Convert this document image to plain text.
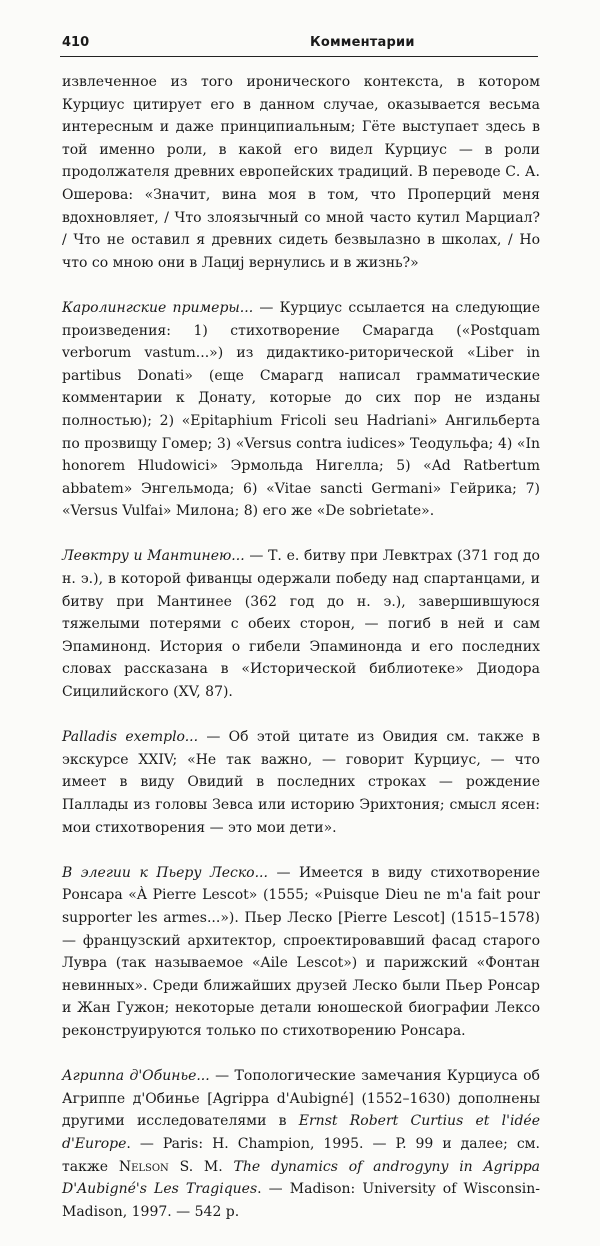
410	Комментарии

извлеченное из того иронического контекста, в котором Курциус цитирует его в данном случае, оказывается весьма интересным и даже принципиальным; Гёте выступает здесь в той именно роли, в какой его видел Курциус — в роли продолжателя древних европейских традиций. В переводе С. А. Ошерова: «Значит, вина моя в том, что Проперций меня вдохновляет, / Что злоязычный со мной часто кутил Марциал? / Что не оставил я древних сидеть безвылазно в школах, / Но что со мною они в Лациj вернулись и в жизнь?»

Каролингские примеры... — Курциус ссылается на следующие произведения: 1) стихотворение Смарагда («Postquam verborum vastum...») из дидактико-риторической «Liber in partibus Donati» (еще Смарагд написал грамматические комментарии к Донату, которые до сих пор не изданы полностью); 2) «Epitaphium Fricoli seu Hadriani» Ангильберта по прозвищу Гомер; 3) «Versus contra iudices» Теодульфа; 4) «In honorem Hludowici» Эрмольда Нигелла; 5) «Ad Ratbertum abbatem» Энгельмода; 6) «Vitae sancti Germani» Гейрика; 7) «Versus Vulfai» Милона; 8) его же «De sobrietate».

Левктру и Мантинею... — Т. е. битву при Левктрах (371 год до н. э.), в которой фиванцы одержали победу над спартанцами, и битву при Мантинее (362 год до н. э.), завершившуюся тяжелыми потерями с обеих сторон, — погиб в ней и сам Эпаминонд. История о гибели Эпаминонда и его последних словах рассказана в «Исторической библиотеке» Диодора Сицилийского (XV, 87).

Palladis exemplo... — Об этой цитате из Овидия см. также в экскурсе XXIV; «Не так важно, — говорит Курциус, — что имеет в виду Овидий в последних строках — рождение Паллады из головы Зевса или историю Эрихтония; смысл ясен: мои стихотворения — это мои дети».

В элегии к Пьеру Леско... — Имеется в виду стихотворение Ронсара «À Pierre Lescot» (1555; «Puisque Dieu ne m'a fait pour supporter les armes...»). Пьер Леско [Pierre Lescot] (1515–1578) — французский архитектор, спроектировавший фасад старого Лувра (так называемое «Aile Lescot») и парижский «Фонтан невинных». Среди ближайших друзей Леско были Пьер Ронсар и Жан Гужон; некоторые детали юношеской биографии Лексо реконструируются только по стихотворению Ронсара.

Агриппа д'Обинье... — Топологические замечания Курциуса об Агриппе д'Обинье [Agrippa d'Aubigné] (1552–1630) дополнены другими исследователями в Ernst Robert Curtius et l'idée d'Europe. — Paris: H. Champion, 1995. — P. 99 и далее; см. также Nelson S. M. The dynamics of androgyny in Agrippa D'Aubigné's Les Tragiques. — Madison: University of Wisconsin-Madison, 1997. — 542 p.
